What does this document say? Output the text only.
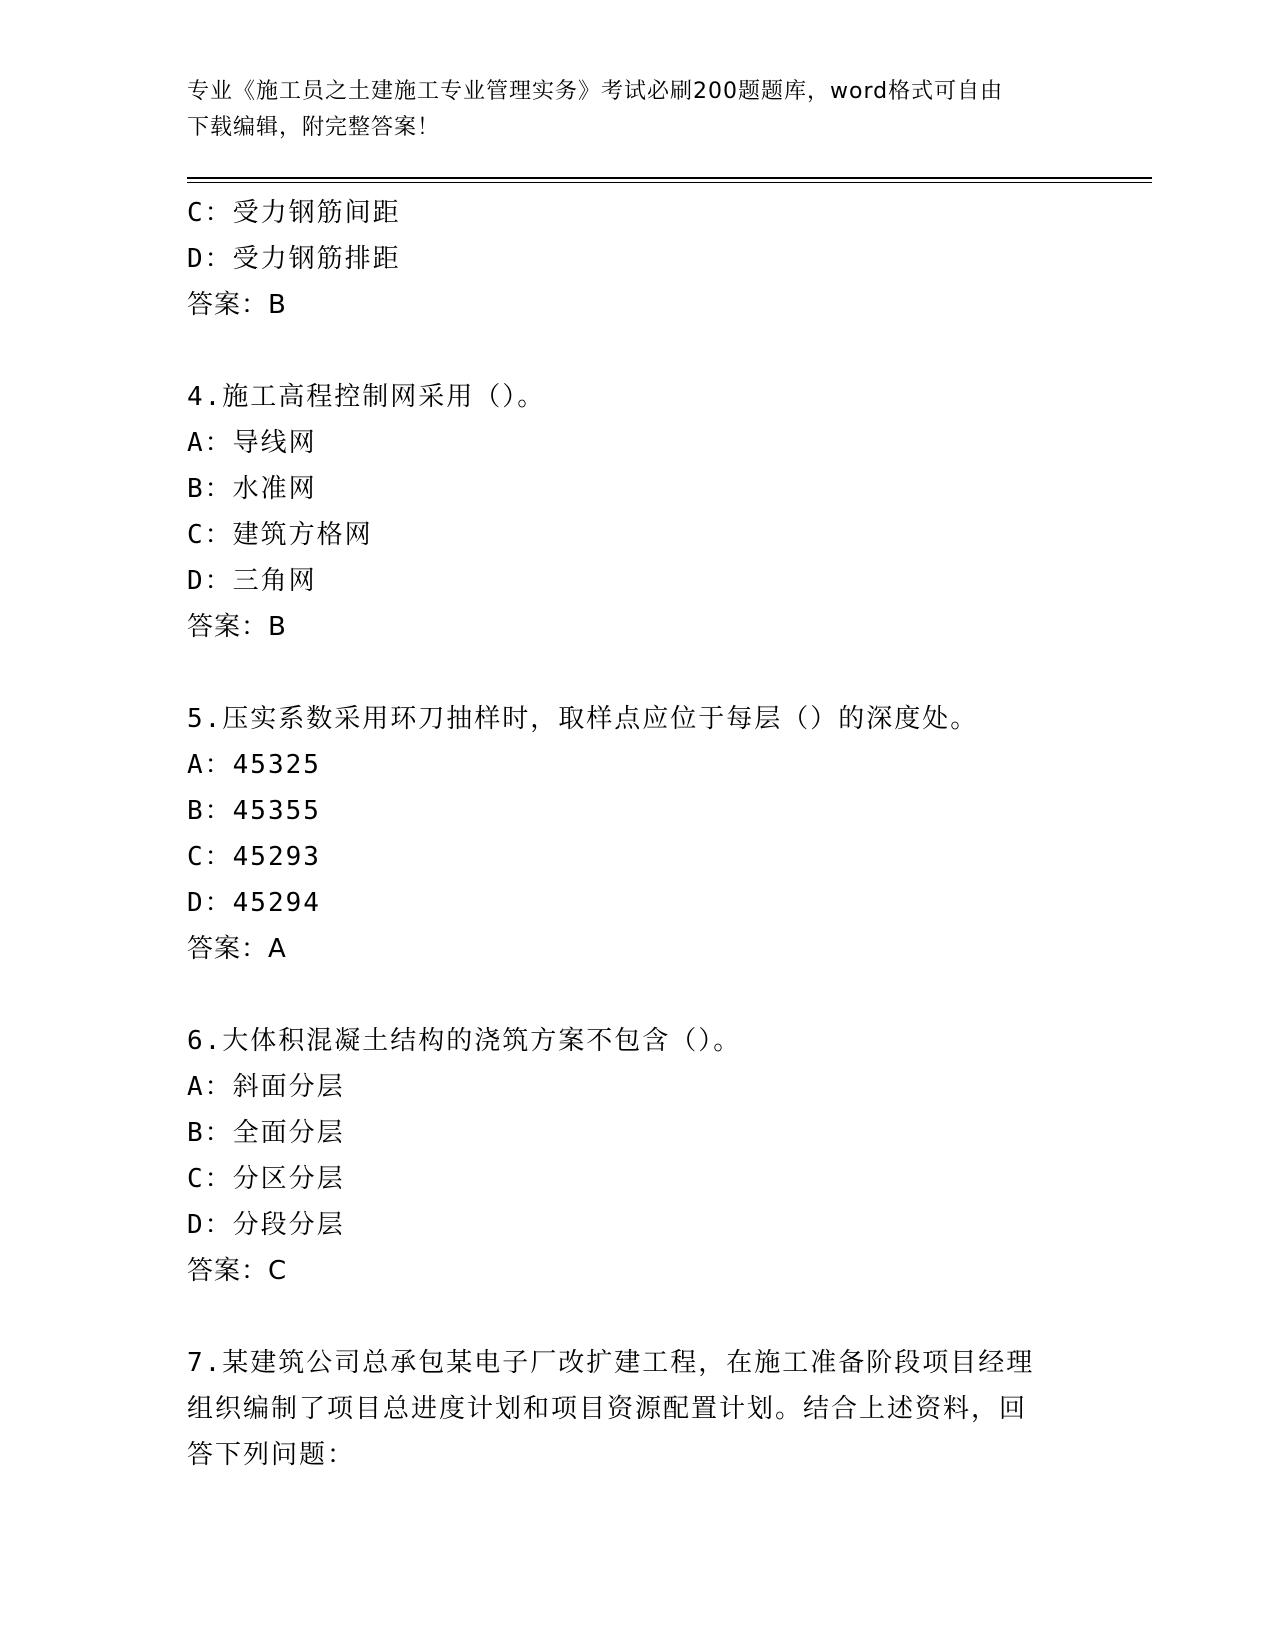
专业《施工员之土建施工专业管理实务》考试必刷200题题库，word格式可自由
下载编辑，附完整答案！
C：受力钢筋间距
D：受力钢筋排距
答案：B
4.施工高程控制网采用（）。
A：导线网
B：水准网
C：建筑方格网
D：三角网
答案：B
5.压实系数采用环刀抽样时，取样点应位于每层（）的深度处。
A：45325
B：45355
C：45293
D：45294
答案：A
6.大体积混凝土结构的浇筑方案不包含（）。
A：斜面分层
B：全面分层
C：分区分层
D：分段分层
答案：C
7.某建筑公司总承包某电子厂改扩建工程，在施工准备阶段项目经理
组织编制了项目总进度计划和项目资源配置计划。结合上述资料，回
答下列问题：
